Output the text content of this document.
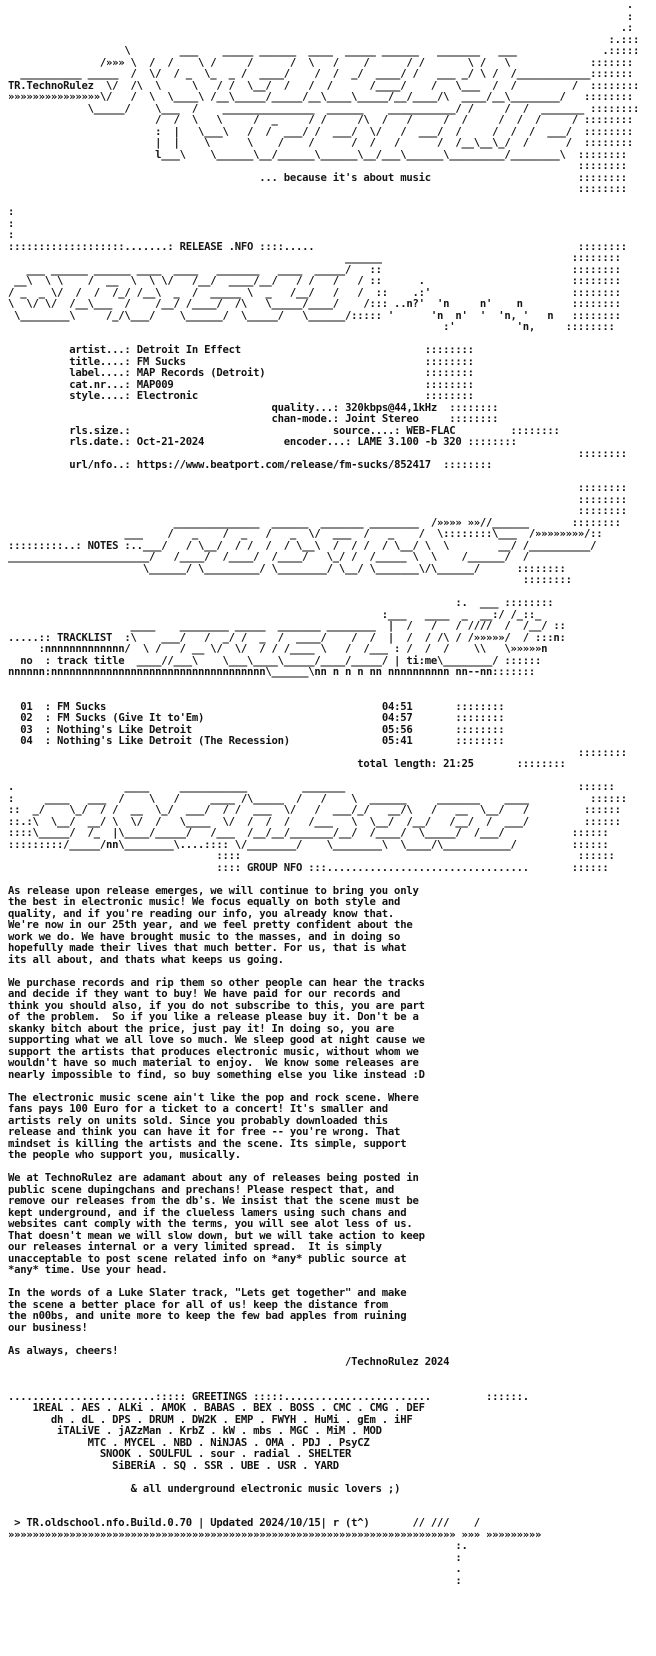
.
:
.:
:.:::
\        ___    _____ ______  ____  _____ ______   _______   ___              .:::::
/»»» \  /  /    \ /     /      /  \   /    /      / /       \ /   \             :::::::
__________ _____  /  \/  / _  \_  _ /  ____/    /  /  _/  ____/ /   ___ _/ \ /  /____________:::::::
TR.TechnoRulez  \/  /\  \     \   / /  \__/  /   /  /      /____/    /   \___  /  /         /  ::::::::
»»»»»»»»»»»»»»»\/   /  \  \____\ /__\_____/_____/__\____\_____/__/____/\  ____/__\________/   ::::::::
\_____/    \___  /    _______________  ______    ___________/ /     /  /  _______ ::::::::
/  /  \   \     /  _     / /     /\  /   /     /  /     /  /  /     / ::::::::
:  |   \___\   /  /  ___/ /  ___/  \/   /  ___/  /     /  /  /  ___/  ::::::::
|  |    \      \    /    /      /  /   /      /  /__\__\_/  /      /  ::::::::
l___\    \______\__/______\______\__/___\______\_________/________\  ::::::::
::::::::
... because it's about music                        ::::::::
::::::::

:
:
:
:::::::::::::::::::.......: RELEASE .NFO ::::.....                                           ::::::::
______                               ::::::::
___ ______ ______ ____  ____   _______   ____  _____/   ::                               ::::::::
__\  \ \    /  __  \  \ \/   /__/  ____/__/   / /   /   / ::      .                        ::::::::
/ _  _ \/  /  /  /_/ /__\  _  /  _____ \  _   /__/   /   /  ::    .:'                       ::::::::
\  \/ \/  /__\___  /    /__/ /____/  /\   \_____/____/    /::: ..n?'  'n     n'    n        ::::::::
\________\     /_/\___/    \______/  \_____/   \______/::::: '      'n  n'  '  'n, '   n   ::::::::
:'          'n,     ::::::::

artist...: Detroit In Effect	::::::::
title....: FM Sucks	::::::::
label....: MAP Records (Detroit)	::::::::
cat.nr...: MAP009	::::::::
style....: Electronic	::::::::
quality...: 320kbps@44,1kHz  ::::::::
chan-mode.: Joint Stereo	::::::::
rls.size.:	source....: WEB-FLAC	::::::::
rls.date.: Oct-21-2024	encoder...: LAME 3.100 -b 320 ::::::::
::::::::
url/nfo..: https://www.beatport.com/release/fm-sucks/852417  ::::::::

::::::::
::::::::
::::::::
______________  ______  _______ ________  /»»»» »»//______       ::::::::
___    /   _    /  _   /   _  \/  ___  /   _    /  \::::::::\___  /»»»»»»»»/::
:::::::::..: NOTES :..___/   / \__/  / /  /  / \__\  /  / /  / \__/ \  \        __/ /__________/
_______________________/   /____/  /____/  /____/   \_/ /  /_____ \  \    /______/  /
\______/ \_________/ \________/ \__/ \_______\/\______/      ::::::::
::::::::

:.  ___ ::::::::
:___   ____  _  __:/ /_::_
____    ________ _____  _______ ________  |  /   /   / ////  /  /__/ ::
.....:: TRACKLIST  :\    ___/   /  _/ /  _  /  ____/    /  /  |  /  / /\ / /»»»»»/  / :::n:
:nnnnnnnnnnnnn/  \ /   / __ \/  \/  / / /____ \   /  /___ : /  /  /    \\   \»»»»»n
no  : track title  ____//___\    \___\____\_____/____/_____/ | ti:me\________/ ::::::
nnnnnn:nnnnnnnnnnnnnnnnnnnnnnnnnnnnnnnnnnn\______\nn n n n nn nnnnnnnnnn nn--nn:::::::

01  : FM Sucks	04:51	::::::::
02  : FM Sucks (Give It to'Em)	04:57	::::::::
03  : Nothing's Like Detroit	05:56	::::::::
04  : Nothing's Like Detroit (The Recession)	05:41	::::::::
::::::::
total length: 21:25       ::::::::

.                  ____     ___________         _______                                      ::::::
:     ____   ___  /    \   /     ____ /\_____  /   /    \  ______     _______    ____          ::::::
::  _/    \_/  / /  __  \_/  ___/  / /  ___  \/   /  ___/_/   __/\   /   __  \__/   /         ::::::
::.:\  \__/  __/ \  \/  /   \____  \/  /  /  /   /___   \  \__/  /__/   /__/  /  ___/         ::::::
::::\_____/  /_  |\____/_____/   /___  /__/__/_______/__/  /____/  \_____/  /___/           ::::::
:::::::::/_____/nn\________\....:::: \/________/    \________\  \____/\___________/         ::::::
::::                                                       ::::::
:::: GROUP NFO :::.................................       ::::::

As release upon release emerges, we will continue to bring you only
the best in electronic music! We focus equally on both style and
quality, and if you're reading our info, you already know that.
We're now in our 25th year, and we feel pretty confident about the
work we do. We have brought music to the masses, and in doing so
hopefully made their lives that much better. For us, that is what
its all about, and thats what keeps us going.

We purchase records and rip them so other people can hear the tracks
and decide if they want to buy! We have paid for our records and
think you should also, if you do not subscribe to this, you are part
of the problem.  So if you like a release please buy it. Don't be a
skanky bitch about the price, just pay it! In doing so, you are
supporting what we all love so much. We sleep good at night cause we
support the artists that produces electronic music, without whom we
wouldn't have so much material to enjoy.  We know some releases are
nearly impossible to find, so buy something else you like instead :D

The electronic music scene ain't like the pop and rock scene. Where
fans pays 100 Euro for a ticket to a concert! It's smaller and
artists rely on units sold. Since you probably downloaded this
release and think you can have it for free -- you're wrong. That
mindset is killing the artists and the scene. Its simple, support
the people who support you, musically.

We at TechnoRulez are adamant about any of releases being posted in
public scene dupingchans and prechans! Please respect that, and
remove our releases from the db's. We insist that the scene must be
kept underground, and if the clueless lamers using such chans and
websites cant comply with the terms, you will see alot less of us.
That doesn't mean we will slow down, but we will take action to keep
our releases internal or a very limited spread.  It is simply
unacceptable to post scene related info on *any* public source at
*any* time. Use your head.

In the words of a Luke Slater track, "Lets get together" and make
the scene a better place for all of us! keep the distance from
the n00bs, and unite more to keep the few bad apples from ruining
our business!

As always, cheers!
/TechnoRulez 2024

........................::::: GREETINGS :::::........................         ::::::.
1REAL . AES . ALKi . AMOK . BABAS . BEX . BOSS . CMC . CMG . DEF
dh . dL . DPS . DRUM . DW2K . EMP . FWYH . HuMi . gEm . iHF
iTALiVE . jAZzMan . KrbZ . kW . mbs . MGC . MiM . MOD
MTC . MYCEL . NBD . NiNJAS . OMA . PDJ . PsyCZ
SNOOK . SOULFUL . sour . radial . SHELTER
SiBERiA . SQ . SSR . UBE . USR . YARD

& all underground electronic music lovers ;)

> TR.oldschool.nfo.Build.0.70 | Updated 2024/10/15| r (t^)       // ///    /
»»»»»»»»»»»»»»»»»»»»»»»»»»»»»»»»»»»»»»»»»»»»»»»»»»»»»»»»»»»»»»»»»»»»»»»»» »»» »»»»»»»»»
:.
:
.
:
